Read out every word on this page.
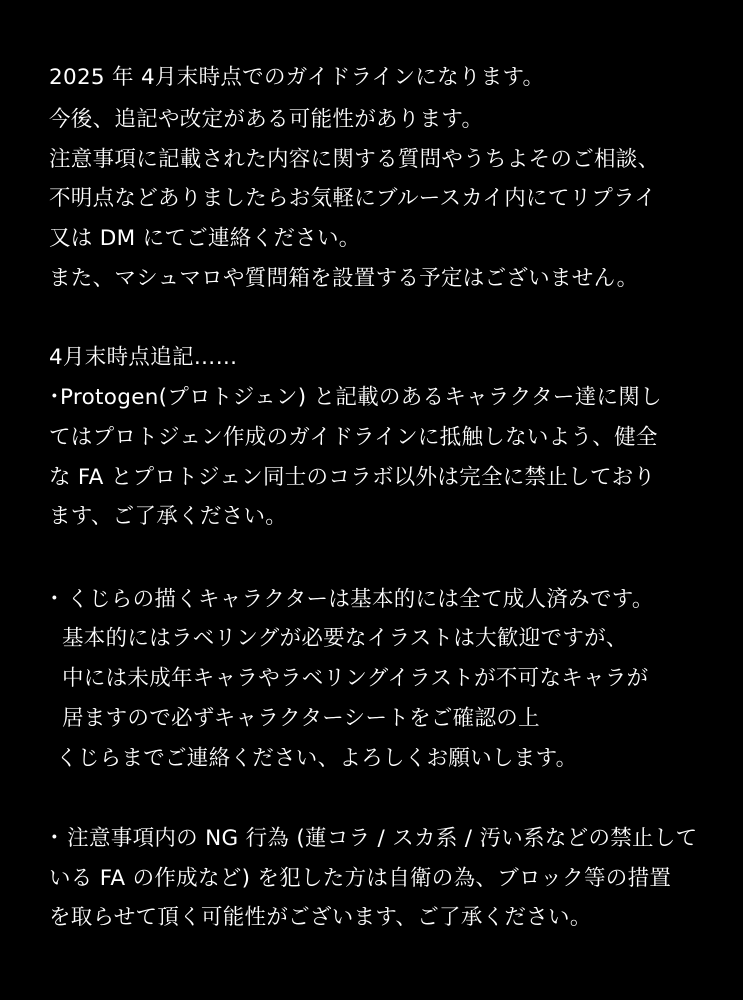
2025 年 4月末時点でのガイドラインになります。
今後、追記や改定がある可能性があります。
注意事項に記載された内容に関する質問やうちよそのご相談、
不明点などありましたらお気軽にブルースカイ内にてリプライ
又は DM にてご連絡ください。
また、マシュマロや質問箱を設置する予定はございません。
4月末時点追記……
･Protogen(プロトジェン) と記載のあるキャラクター達に関し
てはプロトジェン作成のガイドラインに抵触しないよう、健全
な FA とプロトジェン同士のコラボ以外は完全に禁止しており
ます、ご了承ください。
･ くじらの描くキャラクターは基本的には全て成人済みです。
基本的にはラベリングが必要なイラストは大歓迎ですが、
中には未成年キャラやラベリングイラストが不可なキャラが
居ますので必ずキャラクターシートをご確認の上
くじらまでご連絡ください、よろしくお願いします。
･ 注意事項内の NG 行為 (蓮コラ / スカ系 / 汚い系などの禁止して
いる FA の作成など) を犯した方は自衛の為、ブロック等の措置
を取らせて頂く可能性がございます、ご了承ください。
